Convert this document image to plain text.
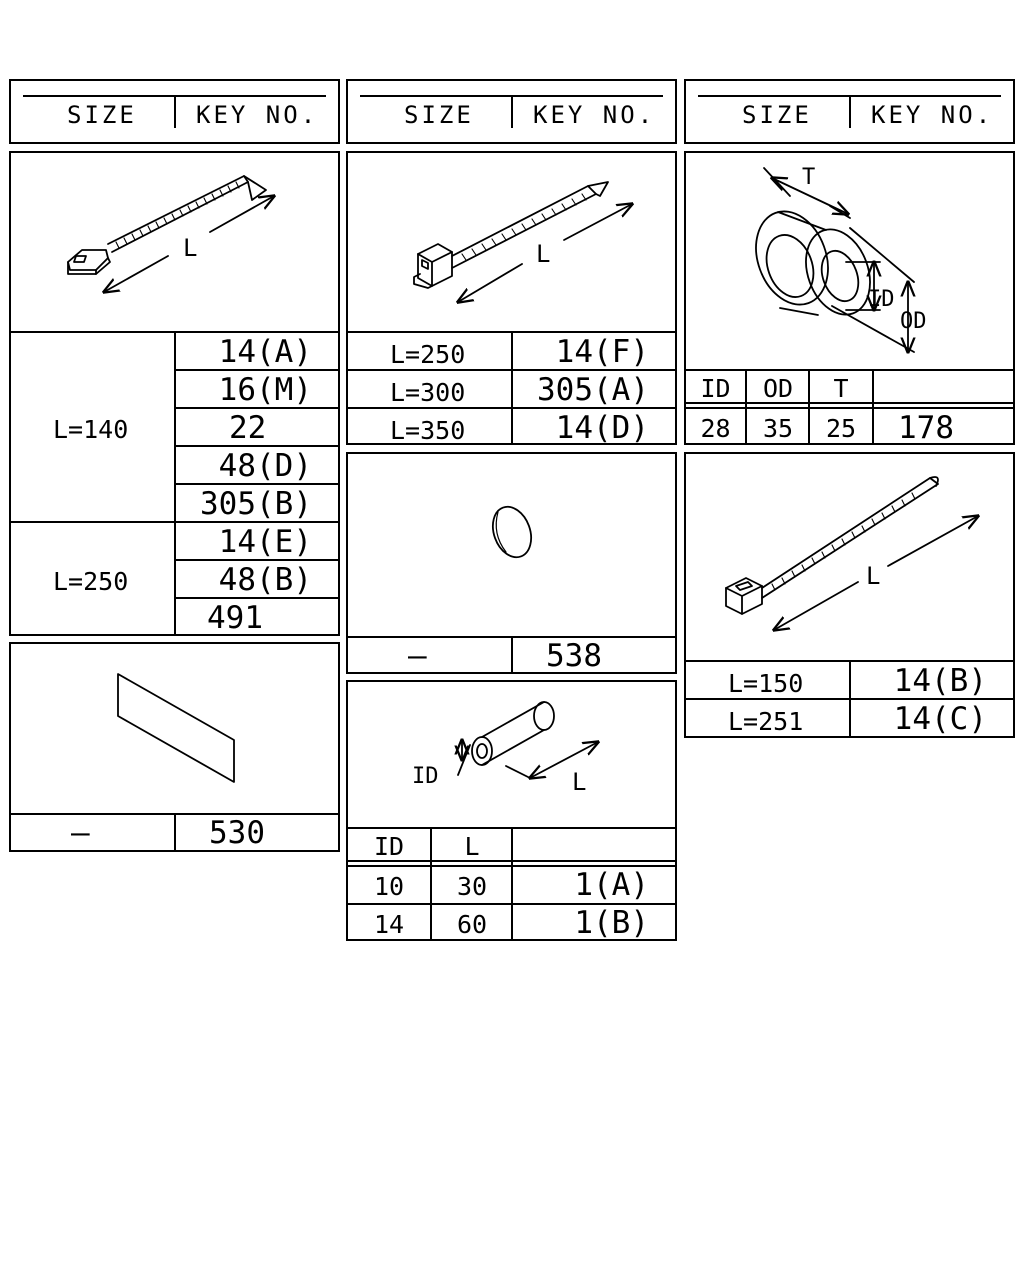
SIZE KEY NO.	SIZE KEY NO.	SIZE KEY NO.
L=140
14(A)
16(M)
22
48(D)
305(B)
L=250
14(E)
48(B)
491
—	530
L=250	14(F)
L=300 305(A)
L=350	14(D)
—	538
ID	L
10	30	1(A)
14	60	1(B)
ID	OD	T
28	35	25	178
L=150	14(B)
L=251	14(C)
L	L
ID	L
T
ID
OD
L
